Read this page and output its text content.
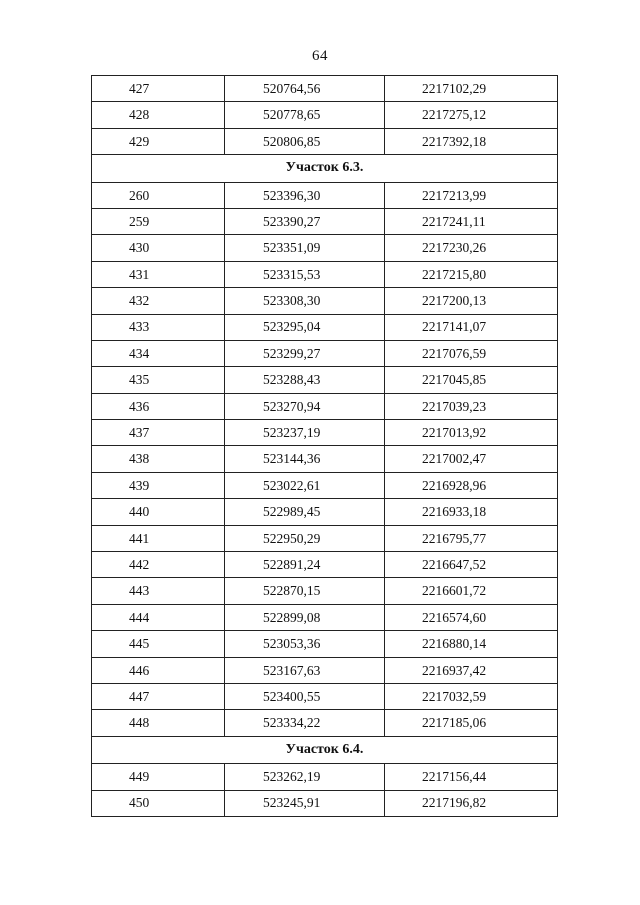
64
427	520764,56	2217102,29
428	520778,65	2217275,12
429	520806,85	2217392,18
Участок 6.3.		
260	523396,30	2217213,99
259	523390,27	2217241,11
430	523351,09	2217230,26
431	523315,53	2217215,80
432	523308,30	2217200,13
433	523295,04	2217141,07
434	523299,27	2217076,59
435	523288,43	2217045,85
436	523270,94	2217039,23
437	523237,19	2217013,92
438	523144,36	2217002,47
439	523022,61	2216928,96
440	522989,45	2216933,18
441	522950,29	2216795,77
442	522891,24	2216647,52
443	522870,15	2216601,72
444	522899,08	2216574,60
445	523053,36	2216880,14
446	523167,63	2216937,42
447	523400,55	2217032,59
448	523334,22	2217185,06
Участок 6.4.		
449	523262,19	2217156,44
450	523245,91	2217196,82
